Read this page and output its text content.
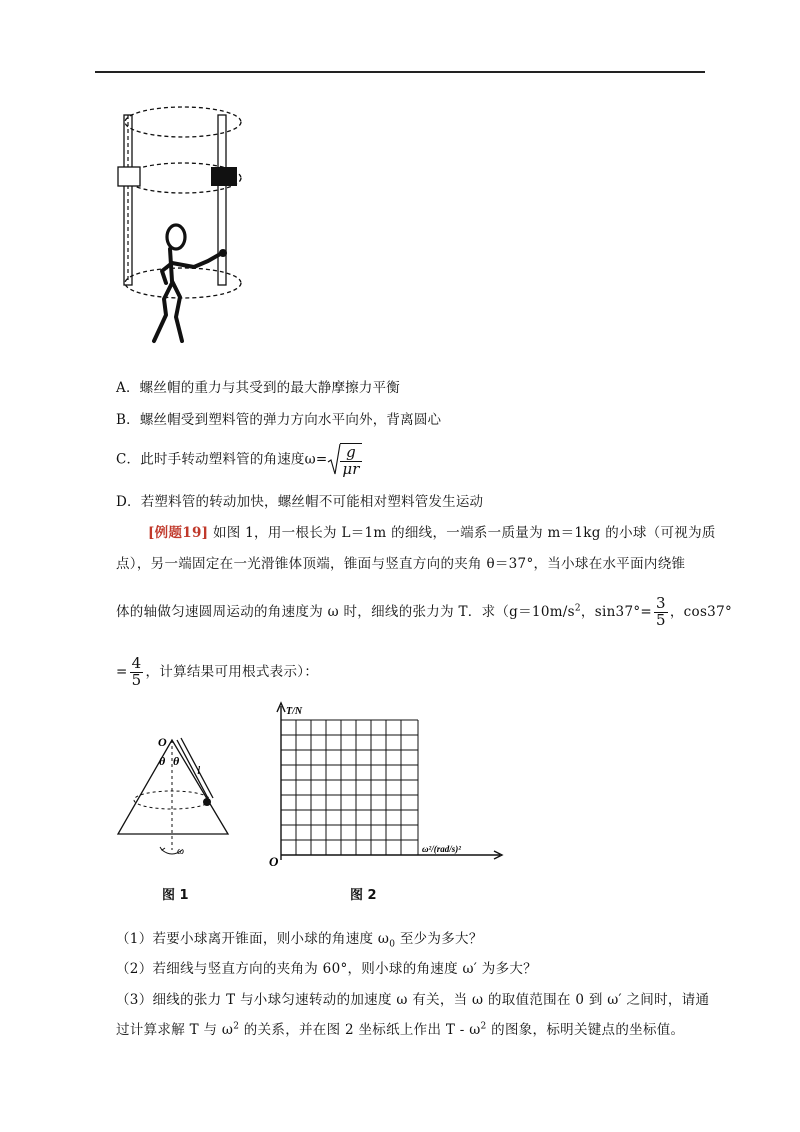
A．螺丝帽的重力与其受到的最大静摩擦力平衡
B．螺丝帽受到塑料管的弹力方向水平向外，背离圆心
C．此时手转动塑料管的角速度$\omega= \frac{g}{\mu r}$
D．若塑料管的转动加快，螺丝帽不可能相对塑料管发生运动
[例题19] 如图 1，用一根长为 L＝1m 的细线，一端系一质量为 m＝1kg 的小球（可视为质
点），另一端固定在一光滑锥体顶端，锥面与竖直方向的夹角 θ＝37°，当小球在水平面内绕锥
体的轴做匀速圆周运动的角速度为 ω 时，细线的张力为 T．求（$g=10m/s^2$，$\sin 37^\circ= \frac{3}{5}$ ，cos37°
= $\frac{4}{5}$ ，计算结果可用根式表示）：
O
θ θ
l
ω
图 1
T/N
ω²/(rad/s)²
O
图 2
（1）若要小球离开锥面，则小球的角速度 $\omega_0$ 至少为多大？
（2）若细线与竖直方向的夹角为 60°，则小球的角速度 ω′ 为多大？
（3）细线的张力 T 与小球匀速转动的加速度 ω 有关，当 ω 的取值范围在 0 到 ω′ 之间时，请通
过计算求解 T 与 $\omega^2$ 的关系，并在图 2 坐标纸上作出 T - $\omega^2$ 的图象，标明关键点的坐标值。
